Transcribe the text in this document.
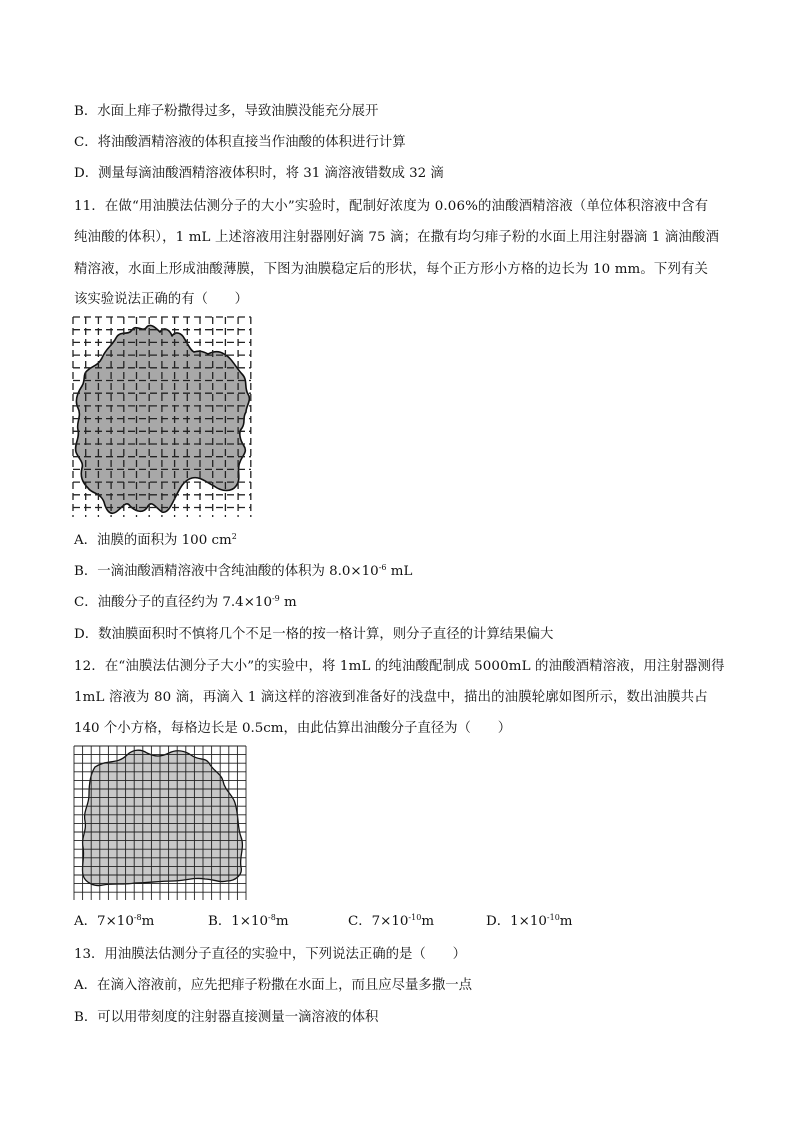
B．水面上痱子粉撒得过多，导致油膜没能充分展开
C．将油酸酒精溶液的体积直接当作油酸的体积进行计算
D．测量每滴油酸酒精溶液体积时，将 31 滴溶液错数成 32 滴
11．在做“用油膜法估测分子的大小”实验时，配制好浓度为 0.06%的油酸酒精溶液（单位体积溶液中含有
纯油酸的体积），1 mL 上述溶液用注射器刚好滴 75 滴；在撒有均匀痱子粉的水面上用注射器滴 1 滴油酸酒
精溶液，水面上形成油酸薄膜，下图为油膜稳定后的形状，每个正方形小方格的边长为 10 mm。下列有关
该实验说法正确的有（　　）
A．油膜的面积为 100 $cm^2$
B．一滴油酸酒精溶液中含纯油酸的体积为 $8.0\times 10^{-6}$ mL
C．油酸分子的直径约为 $7.4\times 10^{-9}$ m
D．数油膜面积时不慎将几个不足一格的按一格计算，则分子直径的计算结果偏大
12．在“油膜法估测分子大小”的实验中，将 1mL 的纯油酸配制成 5000mL 的油酸酒精溶液，用注射器测得
1mL 溶液为 80 滴，再滴入 1 滴这样的溶液到准备好的浅盘中，描出的油膜轮廓如图所示，数出油膜共占
140 个小方格，每格边长是 0.5cm，由此估算出油酸分子直径为（　　）
A．$7\times 10^{-8}m$	B．$1\times 10^{-8}m$	C．$7\times 10^{-10}m$	D．$1\times 10^{-10}m$
13．用油膜法估测分子直径的实验中，下列说法正确的是（　　）
A．在滴入溶液前，应先把痱子粉撒在水面上，而且应尽量多撒一点
B．可以用带刻度的注射器直接测量一滴溶液的体积
